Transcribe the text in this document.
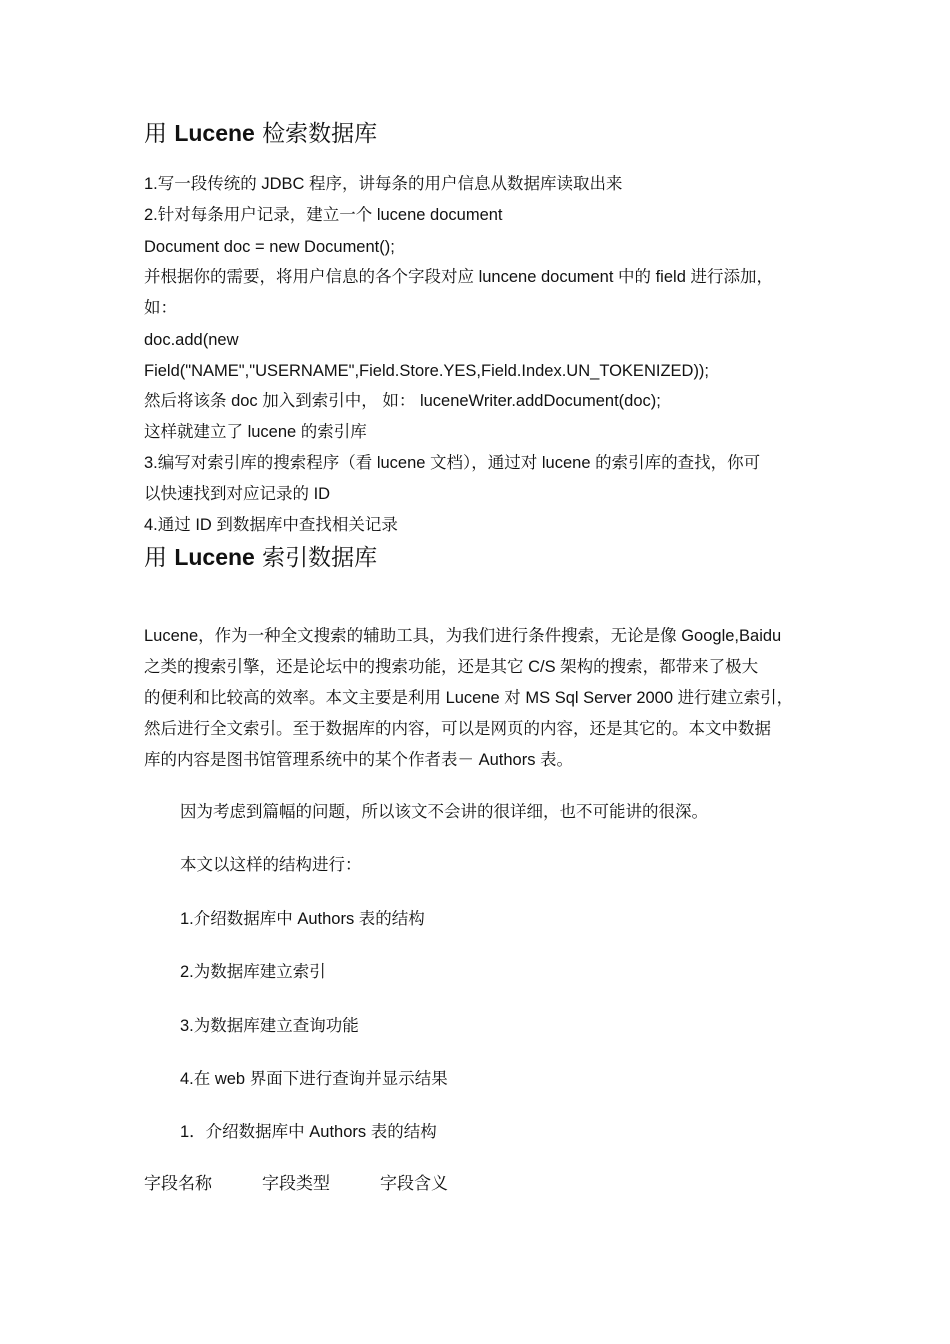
用 Lucene 检索数据库
1.写一段传统的 JDBC 程序，讲每条的用户信息从数据库读取出来
2.针对每条用户记录，建立一个 lucene document
Document doc = new Document();
并根据你的需要，将用户信息的各个字段对应 luncene document 中的 field 进行添加，
如：
doc.add(new
Field("NAME","USERNAME",Field.Store.YES,Field.Index.UN_TOKENIZED));
然后将该条 doc 加入到索引中， 如： luceneWriter.addDocument(doc);
这样就建立了 lucene 的索引库
3.编写对索引库的搜索程序（看 lucene 文档），通过对 lucene 的索引库的查找，你可
以快速找到对应记录的 ID
4.通过 ID 到数据库中查找相关记录
用 Lucene 索引数据库
Lucene，作为一种全文搜索的辅助工具，为我们进行条件搜索，无论是像 Google,Baidu
之类的搜索引擎，还是论坛中的搜索功能，还是其它 C/S 架构的搜索，都带来了极大
的便利和比较高的效率。本文主要是利用 Lucene 对 MS Sql Server 2000 进行建立索引，
然后进行全文索引。至于数据库的内容，可以是网页的内容，还是其它的。本文中数据
库的内容是图书馆管理系统中的某个作者表－ Authors 表。
因为考虑到篇幅的问题，所以该文不会讲的很详细，也不可能讲的很深。
本文以这样的结构进行：
1.介绍数据库中 Authors 表的结构
2.为数据库建立索引
3.为数据库建立查询功能
4.在 web 界面下进行查询并显示结果
1．介绍数据库中 Authors 表的结构
字段名称	字段类型	字段含义
